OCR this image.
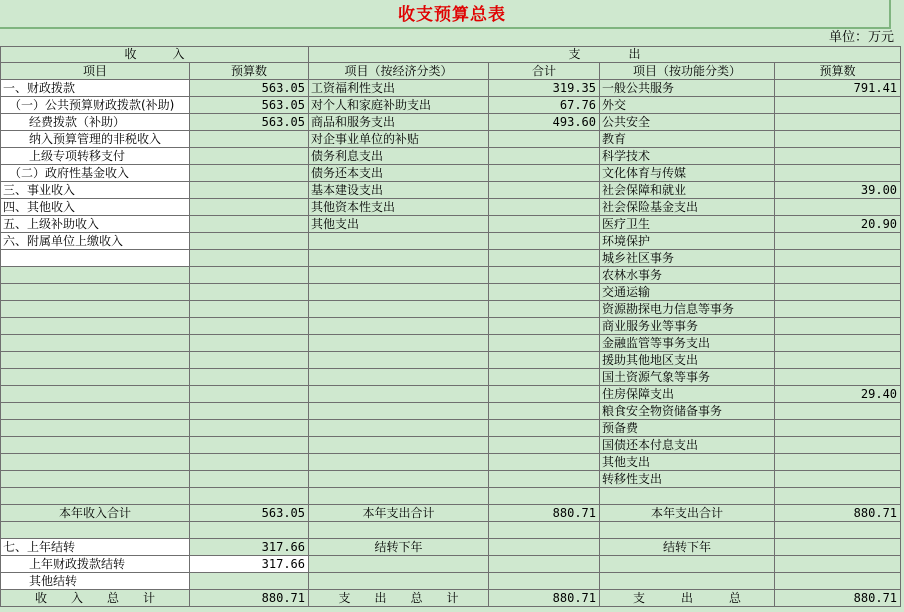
收支预算总表
单位：万元
收　　　入		支　　　　出			
项目	预算数	项目（按经济分类）	合计	项目（按功能分类）	预算数
一、财政拨款	563.05	工资福利性支出	319.35	一般公共服务	791.41
（一）公共预算财政拨款(补助)	563.05	对个人和家庭补助支出	67.76	外交	
经费拨款（补助）	563.05	商品和服务支出	493.60	公共安全	
纳入预算管理的非税收入		对企事业单位的补贴		教育	
上级专项转移支付		债务利息支出		科学技术	
（二）政府性基金收入		债务还本支出		文化体育与传媒	
三、事业收入		基本建设支出		社会保障和就业	39.00
四、其他收入		其他资本性支出		社会保险基金支出	
五、上级补助收入		其他支出		医疗卫生	20.90
六、附属单位上缴收入				环境保护	
				城乡社区事务	
				农林水事务	
				交通运输	
				资源勘探电力信息等事务	
				商业服务业等事务	
				金融监管等事务支出	
				援助其他地区支出	
				国土资源气象等事务	
				住房保障支出	29.40
				粮食安全物资储备事务	
				预备费	
				国债还本付息支出	
				其他支出	
				转移性支出	

本年收入合计	563.05	本年支出合计	880.71	本年支出合计	880.71

七、上年结转	317.66	结转下年		结转下年	
上年财政拨款结转	317.66				
其他结转					
收　　入　　总　　计	880.71	支　　出　　总　　计	880.71	支　　　出　　　总	880.71
